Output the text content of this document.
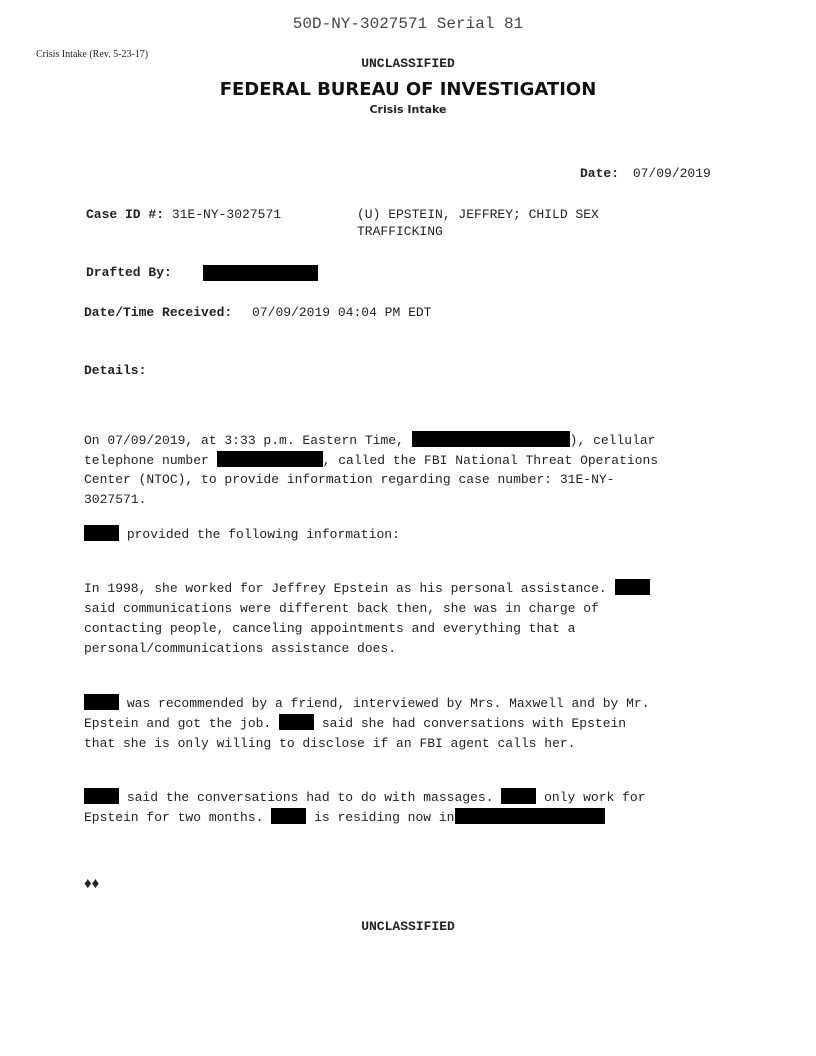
50D-NY-3027571 Serial 81
Crisis Intake (Rev. 5-23-17)
UNCLASSIFIED
FEDERAL BUREAU OF INVESTIGATION
Crisis Intake
Date: 07/09/2019
Case ID #: 31E-NY-3027571	(U) EPSTEIN, JEFFREY; CHILD SEX
TRAFFICKING
Drafted By:
Date/Time Received: 07/09/2019 04:04 PM EDT
Details:
On 07/09/2019, at 3:33 p.m. Eastern Time,	), cellular
telephone number	, called the FBI National Threat Operations
Center (NTOC), to provide information regarding case number: 31E-NY-
3027571.
provided the following information:
In 1998, she worked for Jeffrey Epstein as his personal assistance.
said communications were different back then, she was in charge of
contacting people, canceling appointments and everything that a
personal/communications assistance does.
was recommended by a friend, interviewed by Mrs. Maxwell and by Mr.
Epstein and got the job.	said she had conversations with Epstein
that she is only willing to disclose if an FBI agent calls her.
said the conversations had to do with massages.	only work for
Epstein for two months.	is residing now in
♦♦
UNCLASSIFIED
